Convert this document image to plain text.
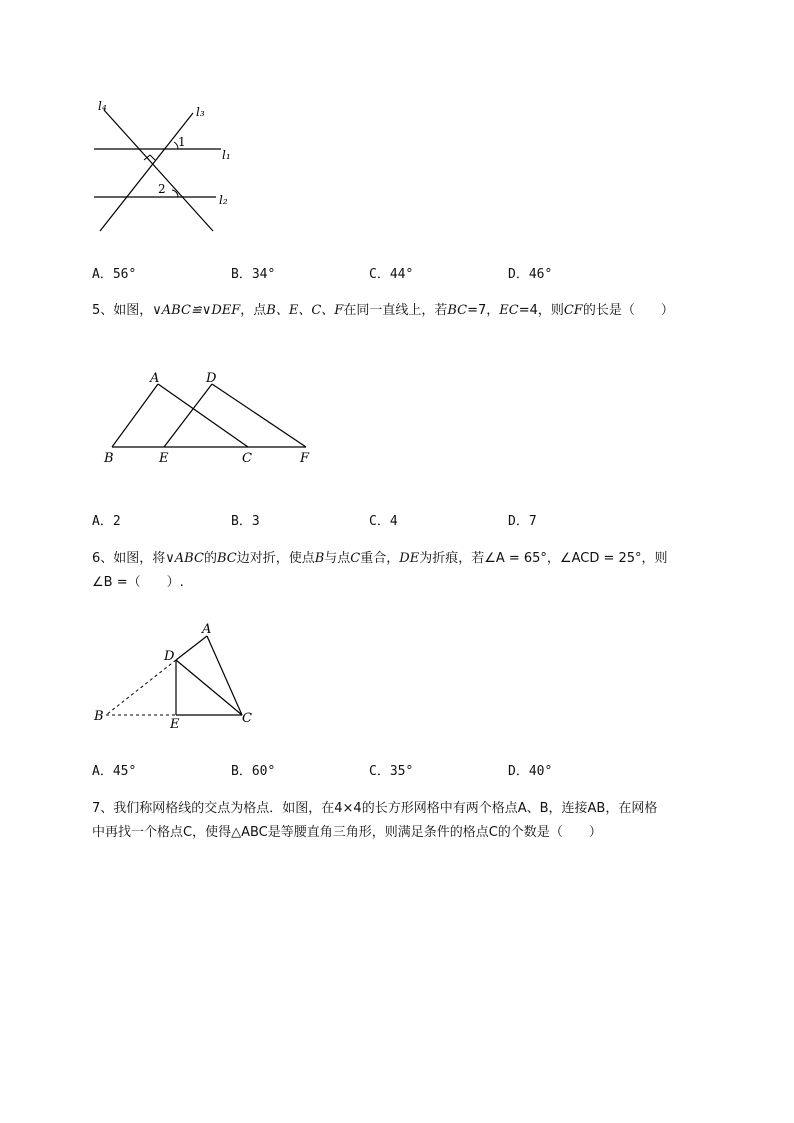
l₄	l₃
l₁
l₂
1
2
A．56°	B．34°	C．44°	D．46°
5、如图，∨ABC≌∨DEF，点B、E、C、F在同一直线上，若BC=7，EC=4，则CF的长是（　　）
A	D
B	E	C	F
A．2	B．3	C．4	D．7
6、如图，将∨ABC的BC边对折，使点B与点C重合，DE为折痕，若∠A = 65°，∠ACD = 25°，则
∠B =（　　）.
A
D
B
E	C
A．45°	B．60°	C．35°	D．40°
7、我们称网格线的交点为格点．如图，在4×4的长方形网格中有两个格点A、B，连接AB，在网格
中再找一个格点C，使得△ABC是等腰直角三角形，则满足条件的格点C的个数是（　　）
